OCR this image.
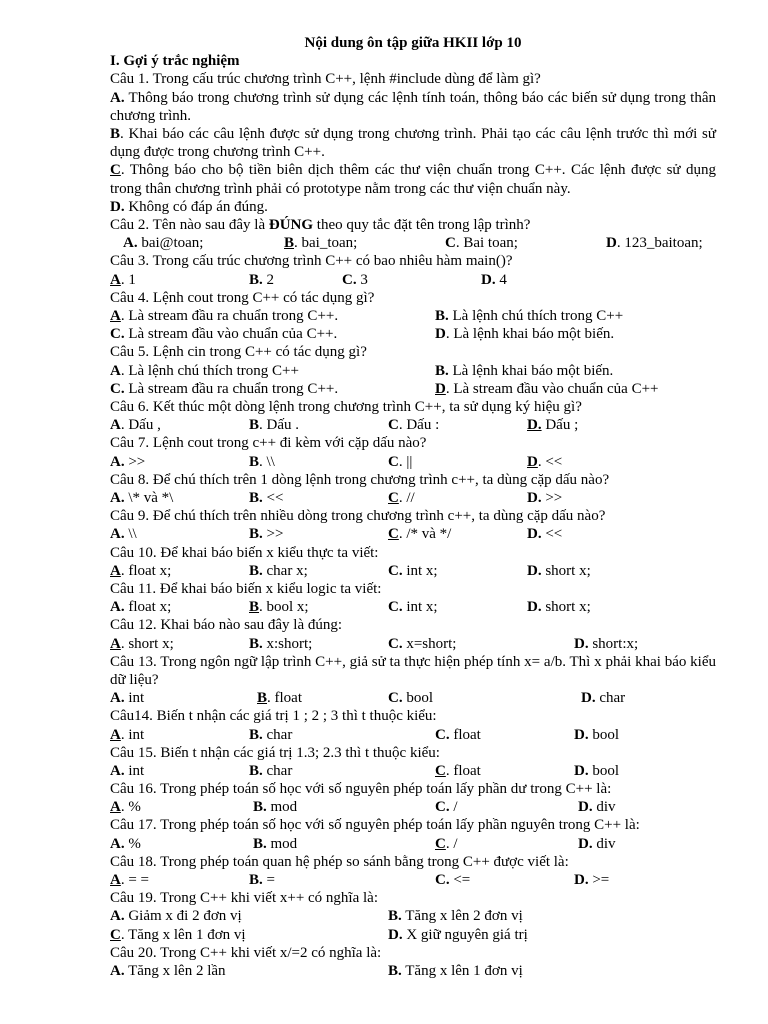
Nội dung ôn tập giữa HKII lớp 10
I. Gợi ý trắc nghiệm
Câu 1. Trong cấu trúc chương trình C++, lệnh #include dùng để làm gì?
A. Thông báo trong chương trình sử dụng các lệnh tính toán, thông báo các biến sử dụng trong thân chương trình.
B. Khai báo các câu lệnh được sử dụng trong chương trình. Phải tạo các câu lệnh trước thì mới sử dụng được trong chương trình C++.
C. Thông báo cho bộ tiền biên dịch thêm các thư viện chuẩn trong C++. Các lệnh được sử dụng trong thân chương trình phải có prototype nằm trong các thư viện chuẩn này.
D. Không có đáp án đúng.
Câu 2. Tên nào sau đây là ĐÚNG theo quy tắc đặt tên trong lập trình?
A. bai@toan;	B. bai_toan;	C. Bai toan;	D. 123_baitoan;
Câu 3. Trong cấu trúc chương trình C++ có bao nhiêu hàm main()?
A. 1	B. 2	C. 3	D. 4
Câu 4. Lệnh cout trong C++ có tác dụng gì?
A. Là stream đầu ra chuẩn trong C++.	B. Là lệnh chú thích trong C++
C. Là stream đầu vào chuẩn của C++.	D. Là lệnh khai báo một biến.
Câu 5. Lệnh cin trong C++ có tác dụng gì?
A. Là lệnh chú thích trong C++	B. Là lệnh khai báo một biến.
C. Là stream đầu ra chuẩn trong C++.	D. Là stream đầu vào chuẩn của C++
Câu 6. Kết thúc một dòng lệnh trong chương trình C++, ta sử dụng ký hiệu gì?
A. Dấu ,	B. Dấu .	C. Dấu :	D. Dấu ;
Câu 7. Lệnh cout trong c++ đi kèm với cặp dấu nào?
A. >>	B. \\	C. ||	D. <<
Câu 8. Để chú thích trên 1 dòng lệnh trong chương trình c++, ta dùng cặp dấu nào?
A. \* và *\	B. <<	C. //	D. >>
Câu 9. Để chú thích trên nhiều dòng trong chương trình c++, ta dùng cặp dấu nào?
A. \\	B. >>	C. /* và */	D. <<
Câu 10. Để khai báo biến x kiểu thực ta viết:
A. float x;	B. char x;	C. int x;	D. short x;
Câu 11. Để khai báo biến x kiểu logic ta viết:
A. float x;	B. bool x;	C. int x;	D. short x;
Câu 12. Khai báo nào sau đây là đúng:
A. short x;	B. x:short;	C. x=short;	D. short:x;
Câu 13. Trong ngôn ngữ lập trình C++, giả sử ta thực hiện phép tính x= a/b. Thì x phải khai báo kiểu dữ liệu?
A. int	B. float	C. bool	D. char
Câu14. Biến t nhận các giá trị 1 ; 2 ; 3 thì t thuộc kiểu:
A. int	B. char	C. float	D. bool
Câu 15. Biến t nhận các giá trị 1.3; 2.3 thì t thuộc kiểu:
A. int	B. char	C. float	D. bool
Câu 16. Trong phép toán số học với số nguyên phép toán lấy phần dư trong C++ là:
A. %	B. mod	C. /	D. div
Câu 17. Trong phép toán số học với số nguyên phép toán lấy phần nguyên trong C++ là:
A. %	B. mod	C. /	D. div
Câu 18. Trong phép toán quan hệ phép so sánh bằng trong C++ được viết là:
A. = =	B. =	C. <=	D. >=
Câu 19. Trong C++ khi viết x++ có nghĩa là:
A. Giảm x đi 2 đơn vị	B. Tăng x lên 2 đơn vị
C. Tăng x lên 1 đơn vị	D. X giữ nguyên giá trị
Câu 20. Trong C++ khi viết x/=2 có nghĩa là:
A. Tăng x lên 2 lần	B. Tăng x lên 1 đơn vị
